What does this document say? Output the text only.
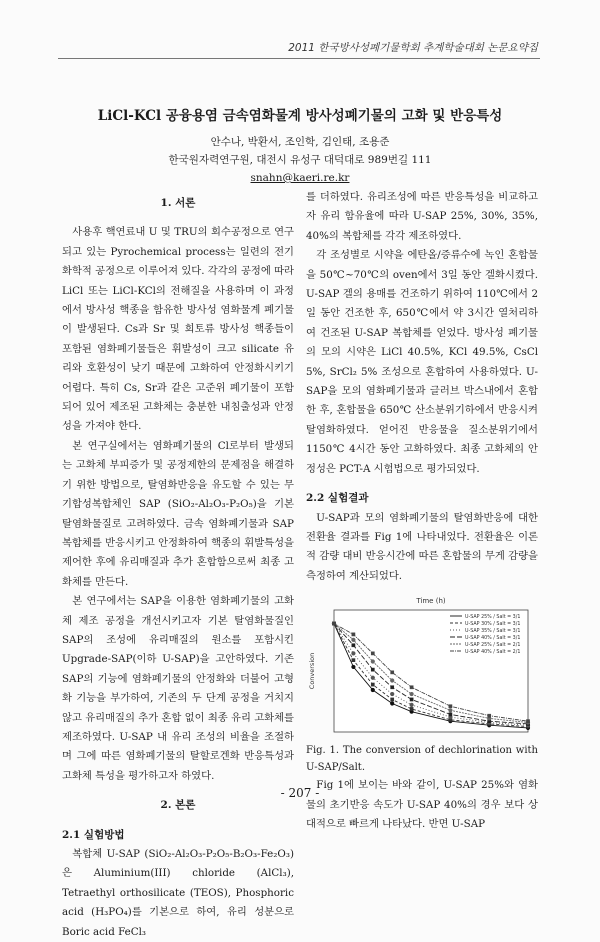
2011 한국방사성폐기물학회 추계학술대회 논문요약집
LiCl-KCl 공융용염 금속염화물계 방사성폐기물의 고화 및 반응특성
안수나, 박환서, 조인학, 김인태, 조용준
한국원자력연구원, 대전시 유성구 대덕대로 989번길 111
snahn@kaeri.re.kr
1. 서론

사용후 핵연료내 U 및 TRU의 회수공정으로 연구되고 있는 Pyrochemical process는 일련의 전기화학적 공정으로 이루어져 있다. 각각의 공정에 따라 LiCl 또는 LiCl-KCl의 전해질을 사용하며 이 과정에서 방사성 핵종을 함유한 방사성 염화물계 폐기물이 발생된다. Cs과 Sr 및 희토류 방사성 핵종들이 포함된 염화폐기물들은 휘발성이 크고 silicate 유리와 호환성이 낮기 때문에 고화하여 안정화시키기 어렵다. 특히 Cs, Sr과 같은 고준위 폐기물이 포함되어 있어 제조된 고화체는 충분한 내침출성과 안정성을 가져야 한다.

본 연구실에서는 염화폐기물의 Cl로부터 발생되는 고화체 부피증가 및 공정제한의 문제점을 해결하기 위한 방법으로, 탈염화반응을 유도할 수 있는 무기합성복합체인 SAP (SiO₂-Al₂O₃-P₂O₅)을 기본 탈염화물질로 고려하였다. 금속 염화폐기물과 SAP복합체를 반응시키고 안정화하여 핵종의 휘발특성을 제어한 후에 유리매질과 추가 혼합함으로써 최종 고화체를 만든다.

본 연구에서는 SAP을 이용한 염화폐기물의 고화체 제조 공정을 개선시키고자 기본 탈염화물질인 SAP의 조성에 유리매질의 원소를 포함시킨 Upgrade-SAP(이하 U-SAP)을 고안하였다. 기존 SAP의 기능에 염화폐기물의 안정화와 더불어 고형화 기능을 부가하여, 기존의 두 단계 공정을 거치지 않고 유리매질의 추가 혼합 없이 최종 유리 고화체를 제조하였다. U-SAP 내 유리 조성의 비율을 조절하며 그에 따른 염화폐기물의 탈할로겐화 반응특성과 고화체 특성을 평가하고자 하였다.

2. 본론
2.1 실험방법

복합체 U-SAP (SiO₂-Al₂O₃-P₂O₅-B₂O₃-Fe₂O₃)은 Aluminium(III) chloride (AlCl₃), Tetraethyl orthosilicate (TEOS), Phosphoric acid (H₃PO₄)를 기본으로 하여, 유리 성분으로 Boric acid FeCl₃

를 더하였다. 유리조성에 따른 반응특성을 비교하고자 유리 함유율에 따라 U-SAP 25%, 30%, 35%, 40%의 복합체를 각각 제조하였다.

각 조성별로 시약을 에탄올/증류수에 녹인 혼합물을 50℃~70℃의 oven에서 3일 동안 겔화시켰다. U-SAP 겔의 용매를 건조하기 위하여 110℃에서 2일 동안 건조한 후, 650℃에서 약 3시간 열처리하여 건조된 U-SAP 복합체를 얻었다. 방사성 폐기물의 모의 시약은 LiCl 40.5%, KCl 49.5%, CsCl 5%, SrCl₂ 5% 조성으로 혼합하여 사용하였다. U-SAP을 모의 염화폐기물과 글러브 박스내에서 혼합한 후, 혼합물을 650℃ 산소분위기하에서 반응시켜 탈염화하였다. 얻어진 반응물을 질소분위기에서 1150℃ 4시간 동안 고화하였다. 최종 고화체의 안정성은 PCT-A 시험법으로 평가되었다.

2.2 실험결과

U-SAP과 모의 염화폐기물의 탈염화반응에 대한 전환율 결과를 Fig 1에 나타내었다. 전환율은 이론적 감량 대비 반응시간에 따른 혼합물의 무게 감량을 측정하여 계산되었다.

Time (h)
Conversion
U-SAP 25% / Salt = 3/1
U-SAP 30% / Salt = 3/1
U-SAP 35% / Salt = 3/1
U-SAP 40% / Salt = 3/1
U-SAP 25% / Salt = 2/1
U-SAP 40% / Salt = 2/1

Fig. 1. The conversion of dechlorination with U-SAP/Salt.

Fig 1에 보이는 바와 같이, U-SAP 25%와 염화물의 초기반응 속도가 U-SAP 40%의 경우 보다 상대적으로 빠르게 나타났다. 반면 U-SAP

- 207 -
